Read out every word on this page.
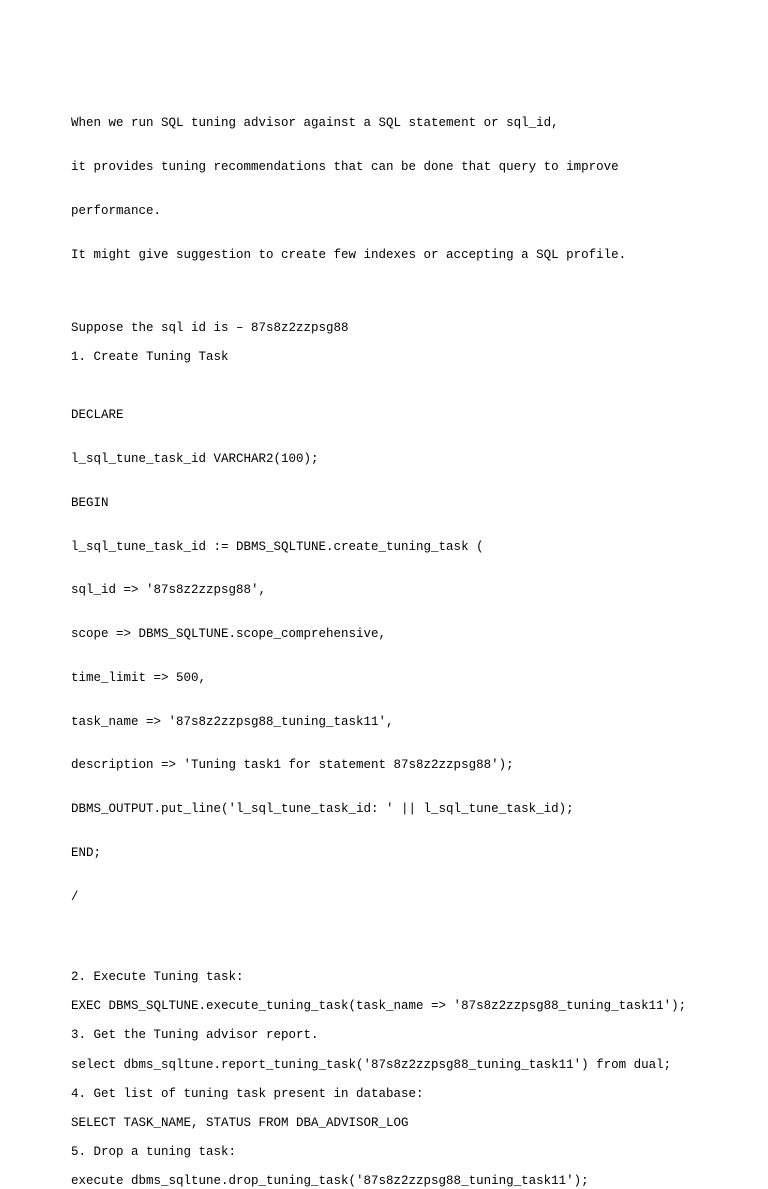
When we run SQL tuning advisor against a SQL statement or sql_id,

it provides tuning recommendations that can be done that query to improve

performance.

It might give suggestion to create few indexes or accepting a SQL profile.

Suppose the sql id is – 87s8z2zzpsg88
1. Create Tuning Task

DECLARE

l_sql_tune_task_id VARCHAR2(100);

BEGIN

l_sql_tune_task_id := DBMS_SQLTUNE.create_tuning_task (

sql_id => '87s8z2zzpsg88',

scope => DBMS_SQLTUNE.scope_comprehensive,

time_limit => 500,

task_name => '87s8z2zzpsg88_tuning_task11',

description => 'Tuning task1 for statement 87s8z2zzpsg88');

DBMS_OUTPUT.put_line('l_sql_tune_task_id: ' || l_sql_tune_task_id);

END;

/

2. Execute Tuning task:
EXEC DBMS_SQLTUNE.execute_tuning_task(task_name => '87s8z2zzpsg88_tuning_task11');
3. Get the Tuning advisor report.
select dbms_sqltune.report_tuning_task('87s8z2zzpsg88_tuning_task11') from dual;
4. Get list of tuning task present in database:
SELECT TASK_NAME, STATUS FROM DBA_ADVISOR_LOG
5. Drop a tuning task:
execute dbms_sqltune.drop_tuning_task('87s8z2zzpsg88_tuning_task11');
